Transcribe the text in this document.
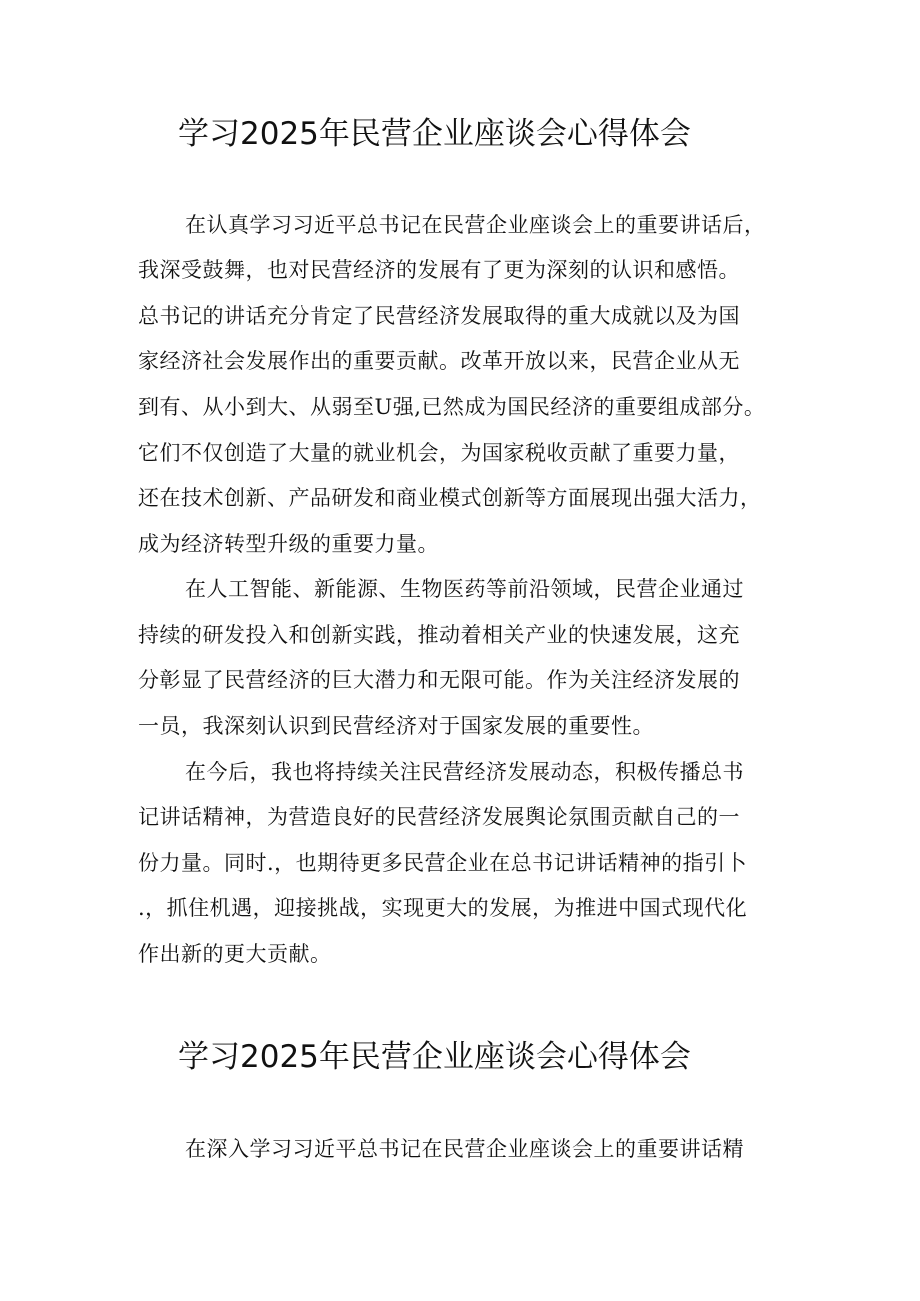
学习2025年民营企业座谈会心得体会
在认真学习习近平总书记在民营企业座谈会上的重要讲话后，
我深受鼓舞，也对民营经济的发展有了更为深刻的认识和感悟。
总书记的讲话充分肯定了民营经济发展取得的重大成就以及为国
家经济社会发展作出的重要贡献。改革开放以来，民营企业从无
到有、从小到大、从弱至U强,已然成为国民经济的重要组成部分。
它们不仅创造了大量的就业机会，为国家税收贡献了重要力量，
还在技术创新、产品研发和商业模式创新等方面展现出强大活力，
成为经济转型升级的重要力量。
在人工智能、新能源、生物医药等前沿领域，民营企业通过
持续的研发投入和创新实践，推动着相关产业的快速发展，这充
分彰显了民营经济的巨大潜力和无限可能。作为关注经济发展的
一员，我深刻认识到民营经济对于国家发展的重要性。
在今后，我也将持续关注民营经济发展动态，积极传播总书
记讲话精神，为营造良好的民营经济发展舆论氛围贡献自己的一
份力量。同时.，也期待更多民营企业在总书记讲话精神的指引卜
.，抓住机遇，迎接挑战，实现更大的发展，为推进中国式现代化
作出新的更大贡献。
学习2025年民营企业座谈会心得体会
在深入学习习近平总书记在民营企业座谈会上的重要讲话精
